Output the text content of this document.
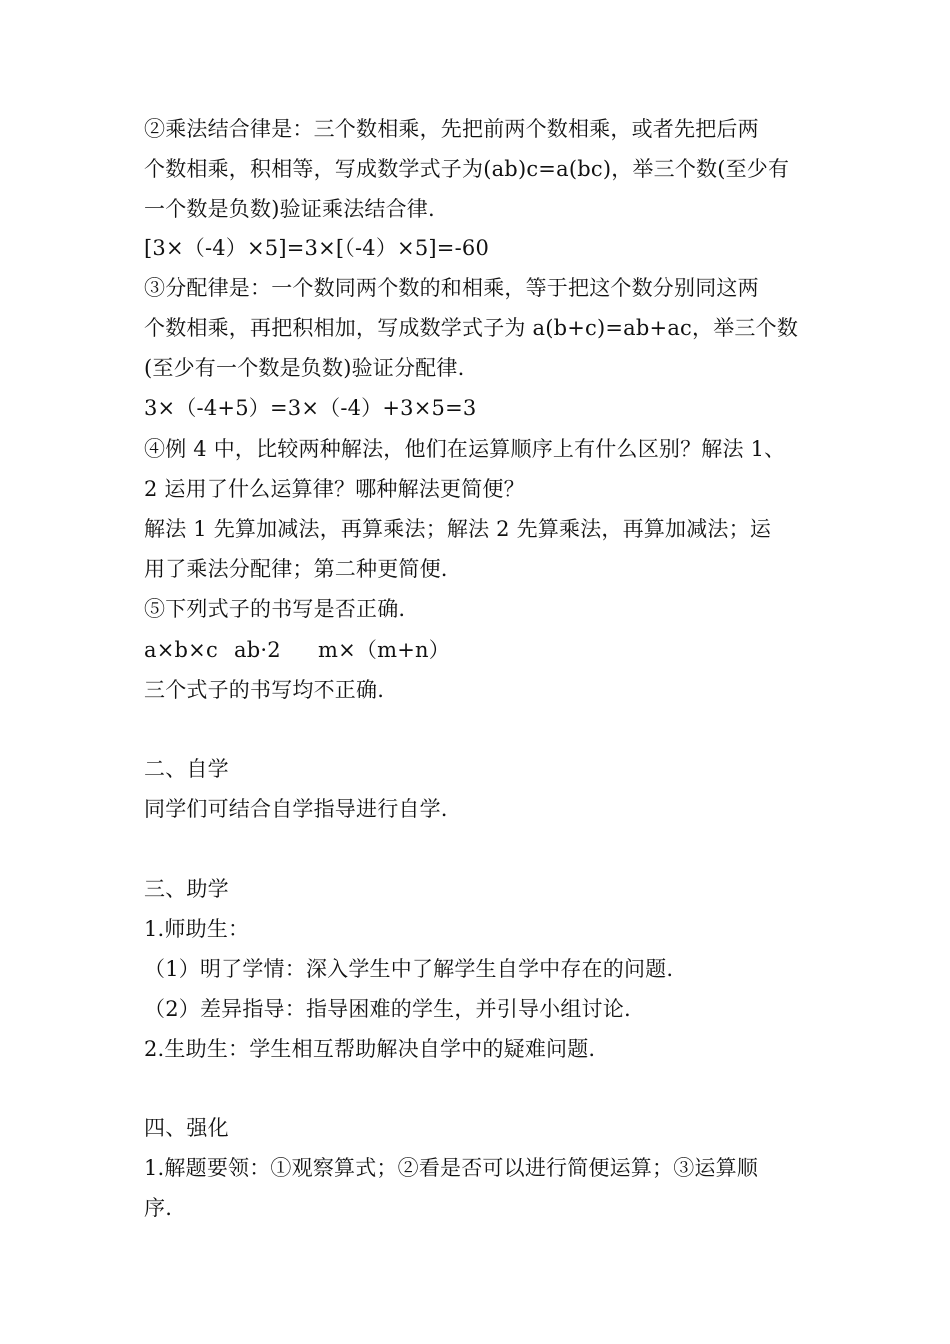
②乘法结合律是：三个数相乘，先把前两个数相乘，或者先把后两

个数相乘，积相等，写成数学式子为(ab)c=a(bc)，举三个数(至少有

一个数是负数)验证乘法结合律.

[3×（-4）×5]=3×[（-4）×5]=-60

③分配律是：一个数同两个数的和相乘，等于把这个数分别同这两

个数相乘，再把积相加，写成数学式子为 a(b+c)=ab+ac，举三个数

(至少有一个数是负数)验证分配律.

3×（-4+5）=3×（-4）+3×5=3

④例 4 中，比较两种解法，他们在运算顺序上有什么区别？解法 1、

2 运用了什么运算律？哪种解法更简便？

解法 1 先算加减法，再算乘法；解法 2 先算乘法，再算加减法；运

用了乘法分配律；第二种更简便.

⑤下列式子的书写是否正确.

a×b×c ab·2 m×（m+n）

三个式子的书写均不正确.

二、自学

同学们可结合自学指导进行自学.

三、助学

1.师助生：

（1）明了学情：深入学生中了解学生自学中存在的问题.

（2）差异指导：指导困难的学生，并引导小组讨论.

2.生助生：学生相互帮助解决自学中的疑难问题.

四、强化

1.解题要领：①观察算式；②看是否可以进行简便运算；③运算顺

序.
